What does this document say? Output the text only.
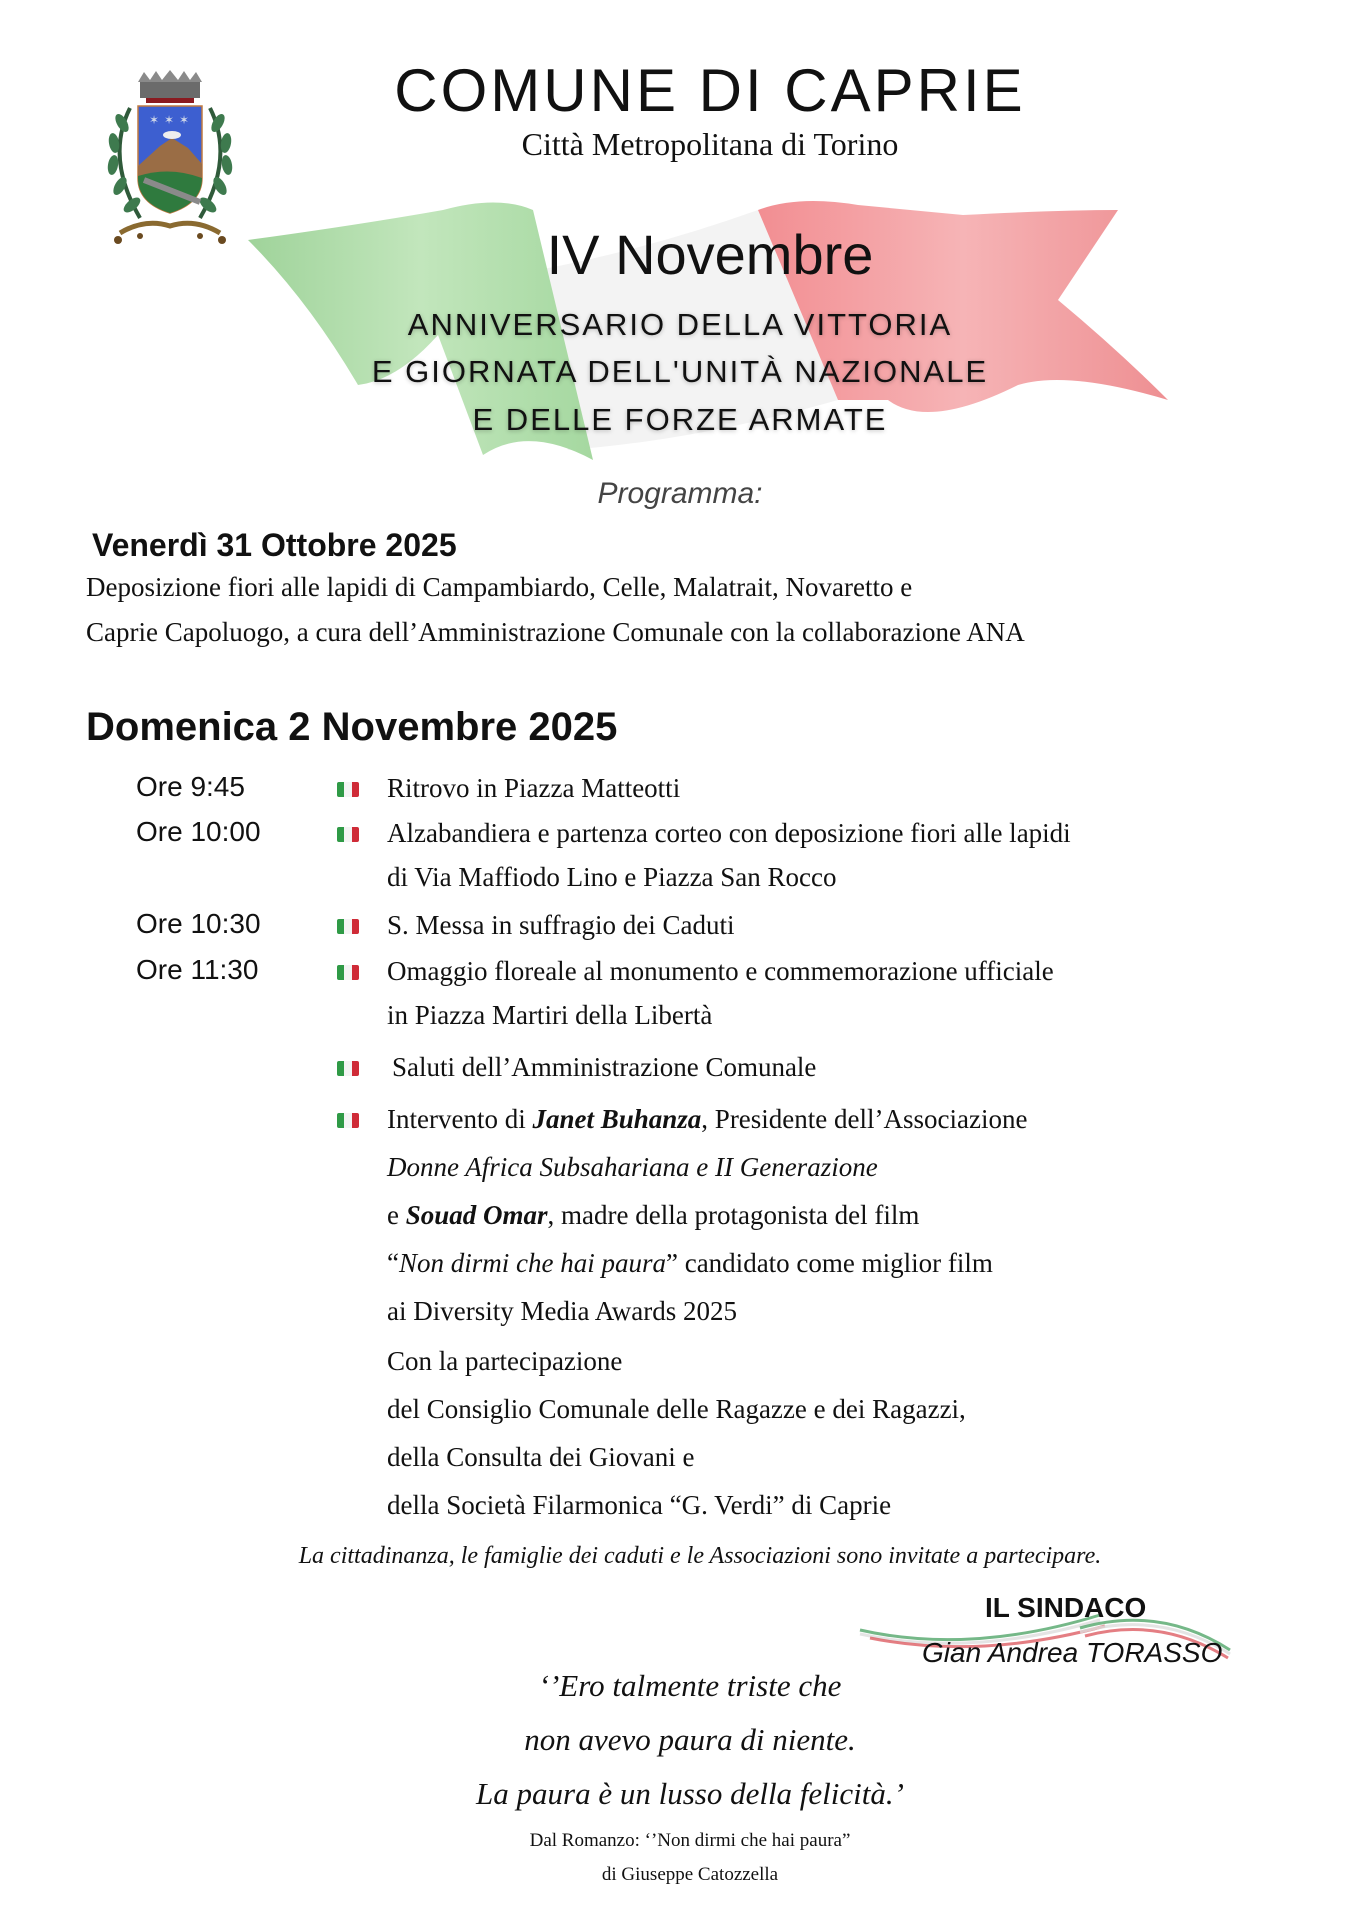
✶ ✶ ✶	COMUNE DI CAPRIE
Città Metropolitana di Torino
IV Novembre
ANNIVERSARIO DELLA VITTORIA
E GIORNATA DELL'UNITÀ NAZIONALE
E DELLE FORZE ARMATE
Programma:
Venerdì 31 Ottobre 2025
Deposizione fiori alle lapidi di Campambiardo, Celle, Malatrait, Novaretto e
Caprie Capoluogo, a cura dell’Amministrazione Comunale con la collaborazione ANA
Domenica 2 Novembre 2025
Ore 9:45	Ritrovo in Piazza Matteotti
Ore 10:00	Alzabandiera e partenza corteo con deposizione fiori alle lapidi
di Via Maffiodo Lino e Piazza San Rocco
Ore 10:30	S. Messa in suffragio dei Caduti
Ore 11:30	Omaggio floreale al monumento e commemorazione ufficiale
in Piazza Martiri della Libertà
Saluti dell’Amministrazione Comunale
Intervento di Janet Buhanza, Presidente dell’Associazione
Donne Africa Subsahariana e II Generazione
e Souad Omar, madre della protagonista del film
“Non dirmi che hai paura” candidato come miglior film
ai Diversity Media Awards 2025
Con la partecipazione
del Consiglio Comunale delle Ragazze e dei Ragazzi,
della Consulta dei Giovani e
della Società Filarmonica “G. Verdi” di Caprie
La cittadinanza, le famiglie dei caduti e le Associazioni sono invitate a partecipare.
IL SINDACO
Gian Andrea TORASSO
‘’Ero talmente triste che
non avevo paura di niente.
La paura è un lusso della felicità.’
Dal Romanzo: ‘’Non dirmi che hai paura”
di Giuseppe Catozzella
